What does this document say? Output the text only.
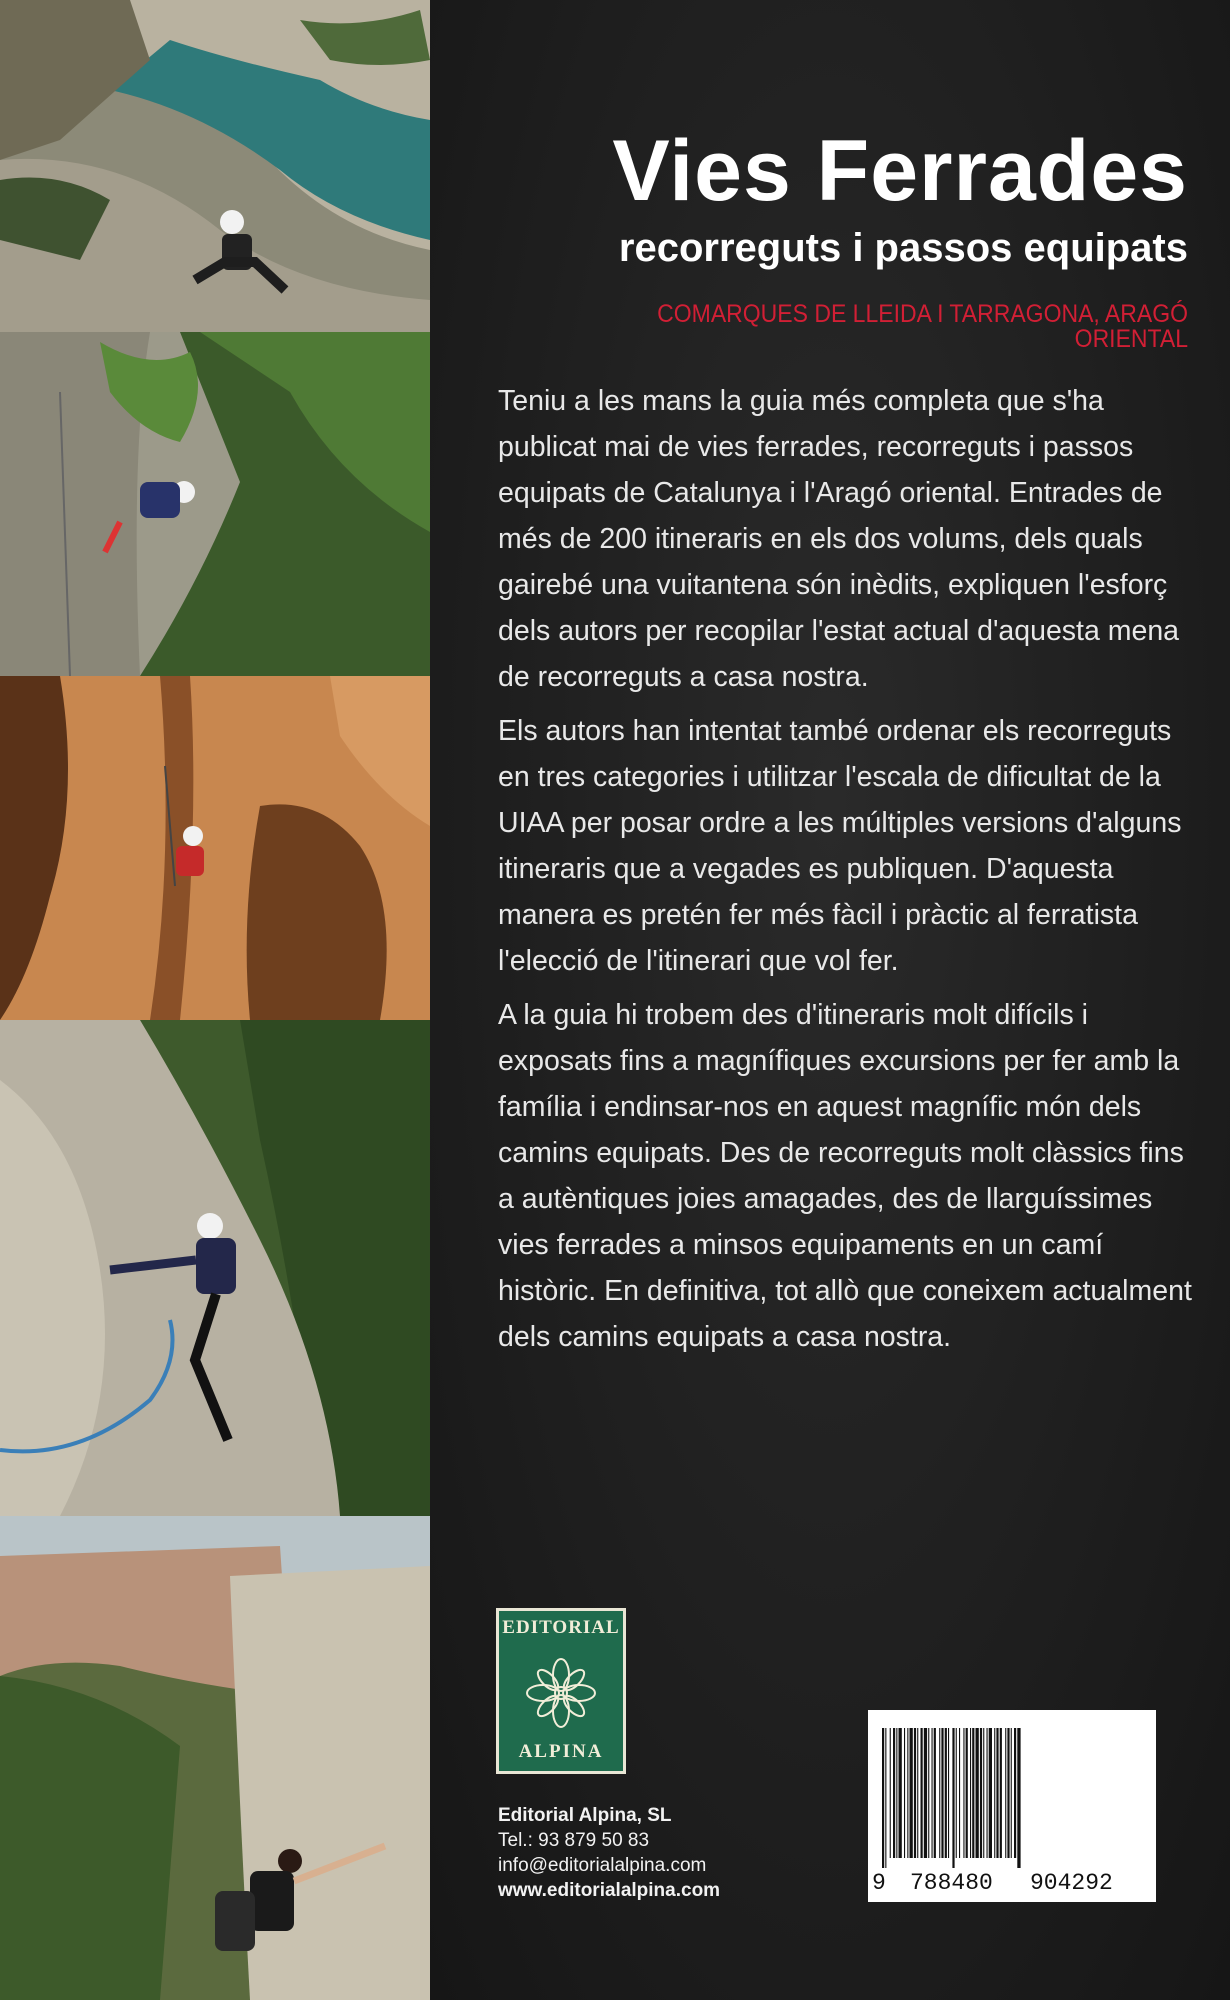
Vies Ferrades
recorreguts i passos equipats
COMARQUES DE LLEIDA I TARRAGONA, ARAGÓ ORIENTAL

Teniu a les mans la guia més completa que s'ha publicat mai de vies ferrades, recorreguts i passos equipats de Catalunya i l'Aragó oriental. Entrades de més de 200 itineraris en els dos volums, dels quals gairebé una vuitantena són inèdits, expliquen l'esforç dels autors per recopilar l'estat actual d'aquesta mena de recorreguts a casa nostra.

Els autors han intentat també ordenar els recorreguts en tres categories i utilitzar l'escala de dificultat de la UIAA per posar ordre a les múltiples versions d'alguns itineraris que a vegades es publiquen. D'aquesta manera es pretén fer més fàcil i pràctic al ferratista l'elecció de l'itinerari que vol fer.

A la guia hi trobem des d'itineraris molt difícils i exposats fins a magnífiques excursions per fer amb la família i endinsar-nos en aquest magnífic món dels camins equipats. Des de recorreguts molt clàssics fins a autèntiques joies amagades, des de llarguíssimes vies ferrades a minsos equipaments en un camí històric. En definitiva, tot allò que coneixem actualment dels camins equipats a casa nostra.

EDITORIAL
ALPINA
Editorial Alpina, SL
Tel.: 93 879 50 83
info@editorialalpina.com
www.editorialalpina.com	9 788480 904292
